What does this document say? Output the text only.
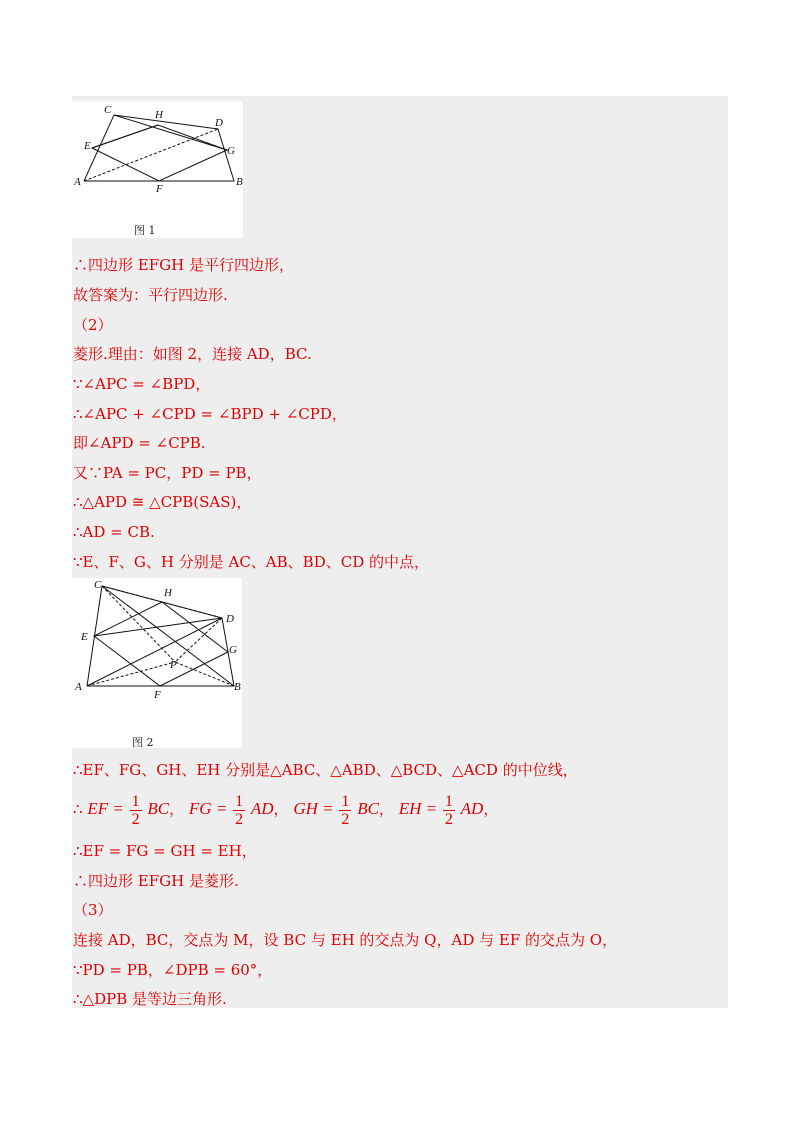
A	B
C
D
E
F
G
H
图 1
∴四边形 EFGH 是平行四边形，
故答案为：平行四边形.
（2）
菱形.理由：如图 2，连接 AD，BC.
∵∠APC = ∠BPD，
∴∠APC + ∠CPD = ∠BPD + ∠CPD，
即∠APD = ∠CPB.
又∵PA = PC，PD = PB，
∴△APD ≅ △CPB(SAS)，
∴AD = CB.
∵E、F、G、H 分别是 AC、AB、BD、CD 的中点，
A	B
C
D
E
F
G
H
P
图 2
∴EF、FG、GH、EH 分别是△ABC、△ABD、△BCD、△ACD 的中位线，
∴ EF = $\frac{1}{2}$ BC， FG = $\frac{1}{2}$ AD， GH = $\frac{1}{2}$ BC， EH = $\frac{1}{2}$ AD，
∴EF = FG = GH = EH，
∴四边形 EFGH 是菱形.
（3）
连接 AD，BC，交点为 M，设 BC 与 EH 的交点为 Q，AD 与 EF 的交点为 O，
∵PD = PB，∠DPB = 60°，
∴△DPB 是等边三角形.
